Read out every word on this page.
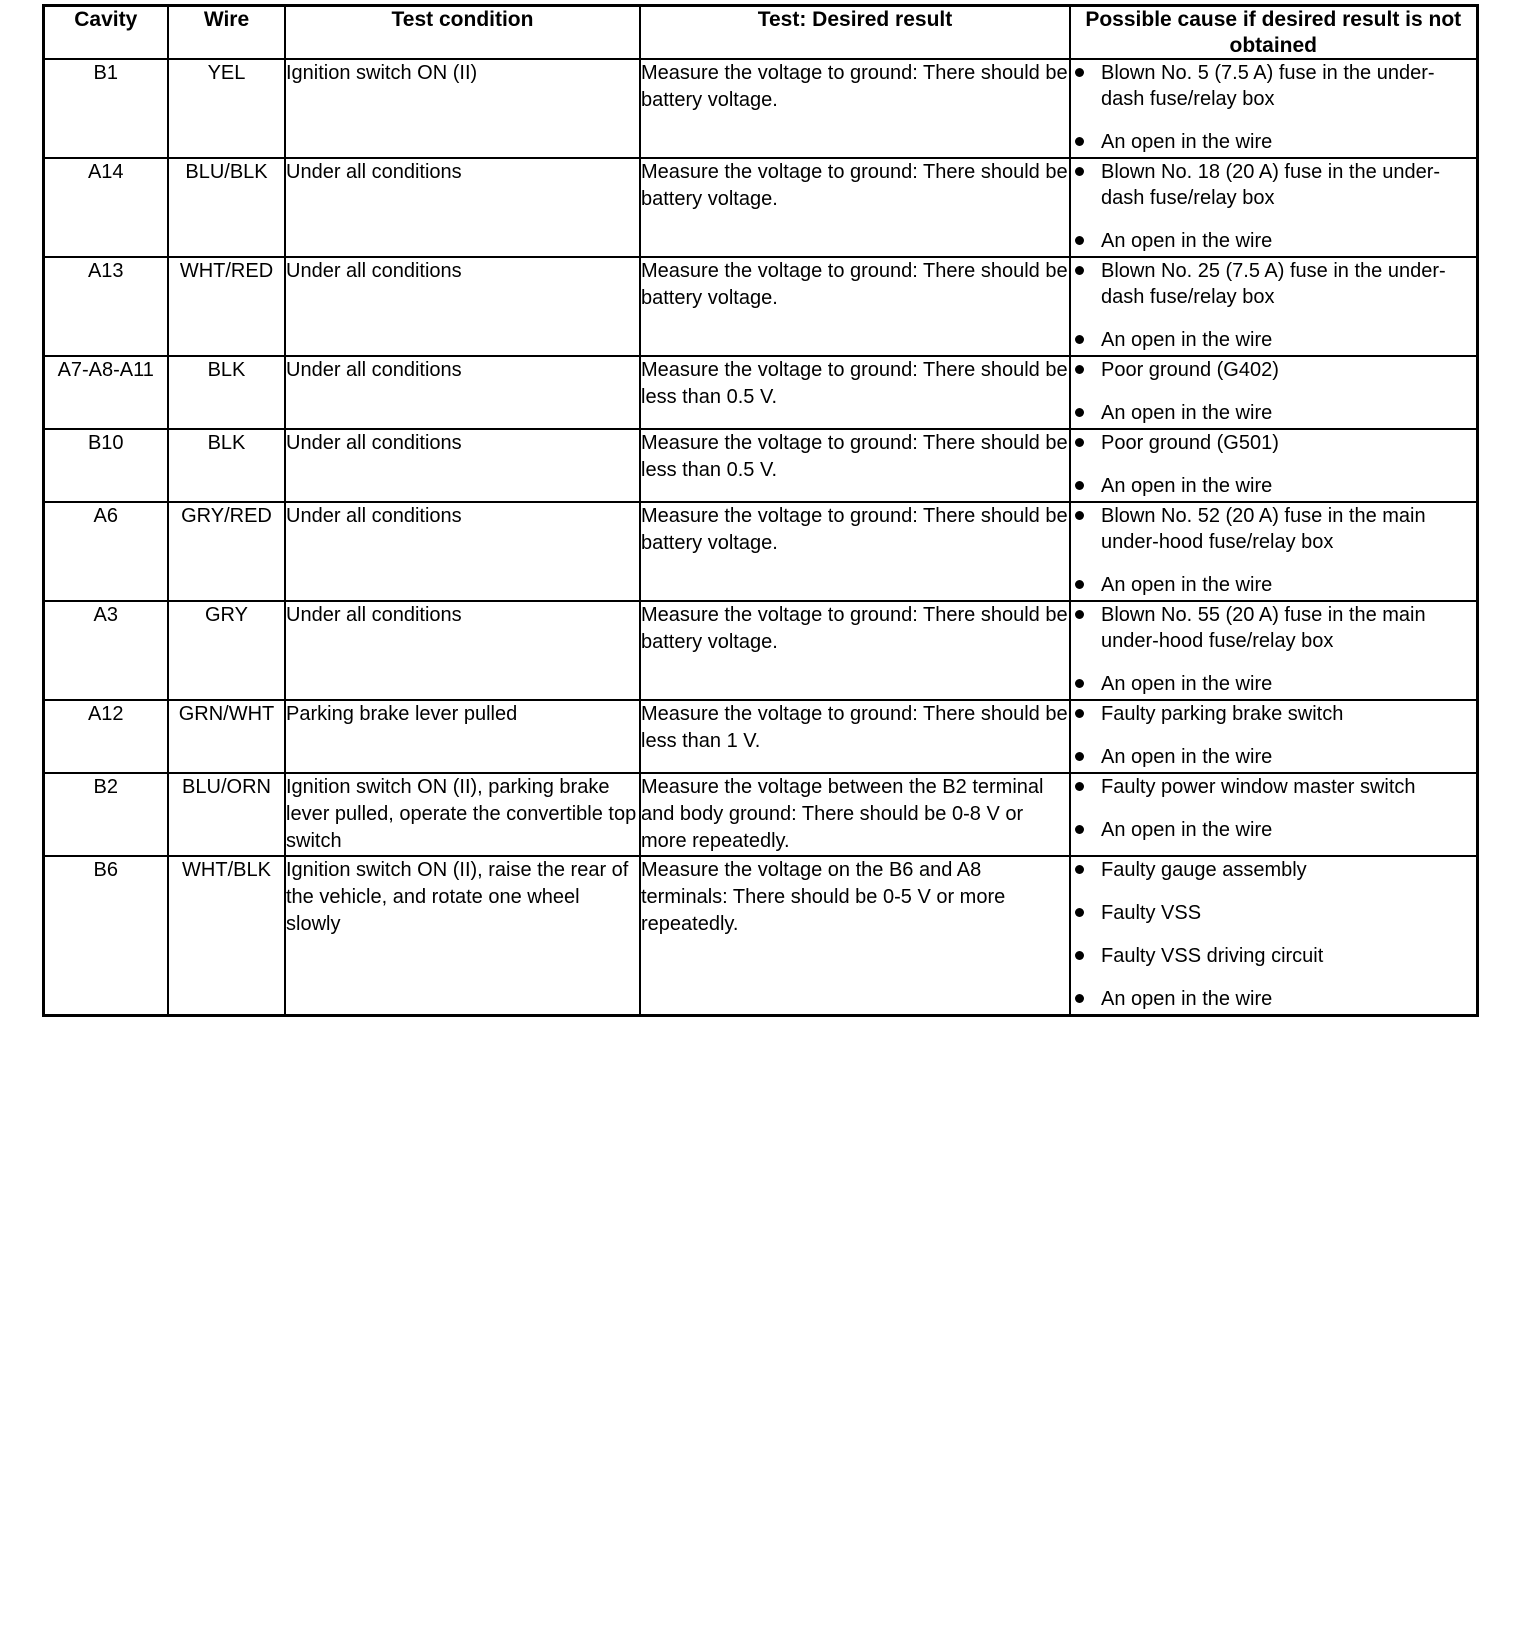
Cavity	Wire	Test condition	Test: Desired result	Possible cause if desired result is not obtained
B1	YEL	Ignition switch ON (II)	Measure the voltage to ground: There should be battery voltage.	
Blown No. 5 (7.5 A) fuse in the under-dash fuse/relay box
An open in the wire

A14	BLU/BLK	Under all conditions	Measure the voltage to ground: There should be battery voltage.	
Blown No. 18 (20 A) fuse in the under-dash fuse/relay box
An open in the wire

A13	WHT/RED	Under all conditions	Measure the voltage to ground: There should be battery voltage.	
Blown No. 25 (7.5 A) fuse in the under-dash fuse/relay box
An open in the wire

A7-A8-A11	BLK	Under all conditions	Measure the voltage to ground: There should be less than 0.5 V.	
Poor ground (G402)
An open in the wire

B10	BLK	Under all conditions	Measure the voltage to ground: There should be less than 0.5 V.	
Poor ground (G501)
An open in the wire

A6	GRY/RED	Under all conditions	Measure the voltage to ground: There should be battery voltage.	
Blown No. 52 (20 A) fuse in the main under-hood fuse/relay box
An open in the wire

A3	GRY	Under all conditions	Measure the voltage to ground: There should be battery voltage.	
Blown No. 55 (20 A) fuse in the main under-hood fuse/relay box
An open in the wire

A12	GRN/WHT	Parking brake lever pulled	Measure the voltage to ground: There should be less than 1 V.	
Faulty parking brake switch
An open in the wire

B2	BLU/ORN	Ignition switch ON (II), parking brake lever pulled, operate the convertible top switch	Measure the voltage between the B2 terminal and body ground: There should be 0-8 V or more repeatedly.	
Faulty power window master switch
An open in the wire

B6	WHT/BLK	Ignition switch ON (II), raise the rear of the vehicle, and rotate one wheel slowly	Measure the voltage on the B6 and A8 terminals: There should be 0-5 V or more repeatedly.	
Faulty gauge assembly
Faulty VSS
Faulty VSS driving circuit
An open in the wire
